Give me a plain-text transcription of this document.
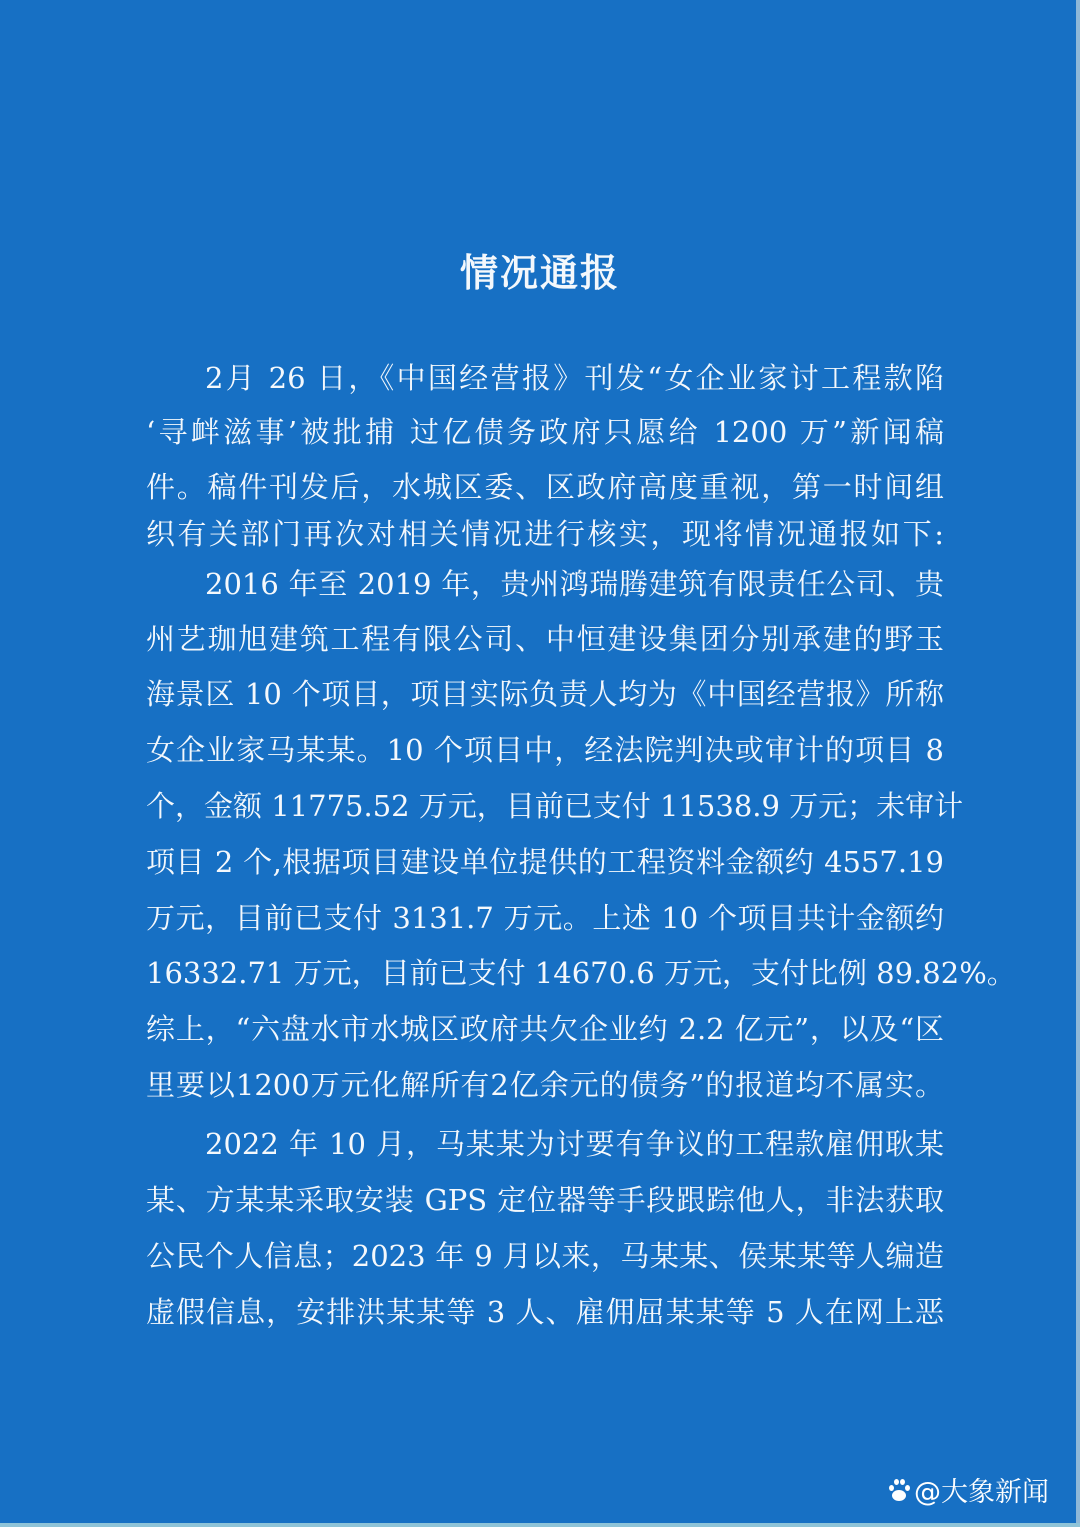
情况通报
2月 26 日，《中国经营报》刊发“女企业家讨工程款陷
‘寻衅滋事’被批捕 过亿债务政府只愿给 1200 万”新闻稿
件。稿件刊发后，水城区委、区政府高度重视，第一时间组
织有关部门再次对相关情况进行核实，现将情况通报如下:
2016 年至 2019 年，贵州鸿瑞腾建筑有限责任公司、贵
州艺珈旭建筑工程有限公司、中恒建设集团分别承建的野玉
海景区 10 个项目，项目实际负责人均为《中国经营报》所称
女企业家马某某。10 个项目中，经法院判决或审计的项目 8
个，金额 11775.52 万元，目前已支付 11538.9 万元；未审计
项目 2 个,根据项目建设单位提供的工程资料金额约 4557.19
万元，目前已支付 3131.7 万元。上述 10 个项目共计金额约
16332.71 万元，目前已支付 14670.6 万元，支付比例 89.82%。
综上，“六盘水市水城区政府共欠企业约 2.2 亿元”，以及“区
里要以1200万元化解所有2亿余元的债务”的报道均不属实。
2022 年 10 月，马某某为讨要有争议的工程款雇佣耿某
某、方某某采取安装 GPS 定位器等手段跟踪他人，非法获取
公民个人信息；2023 年 9 月以来，马某某、侯某某等人编造
虚假信息，安排洪某某等 3 人、雇佣屈某某等 5 人在网上恶
@大象新闻
